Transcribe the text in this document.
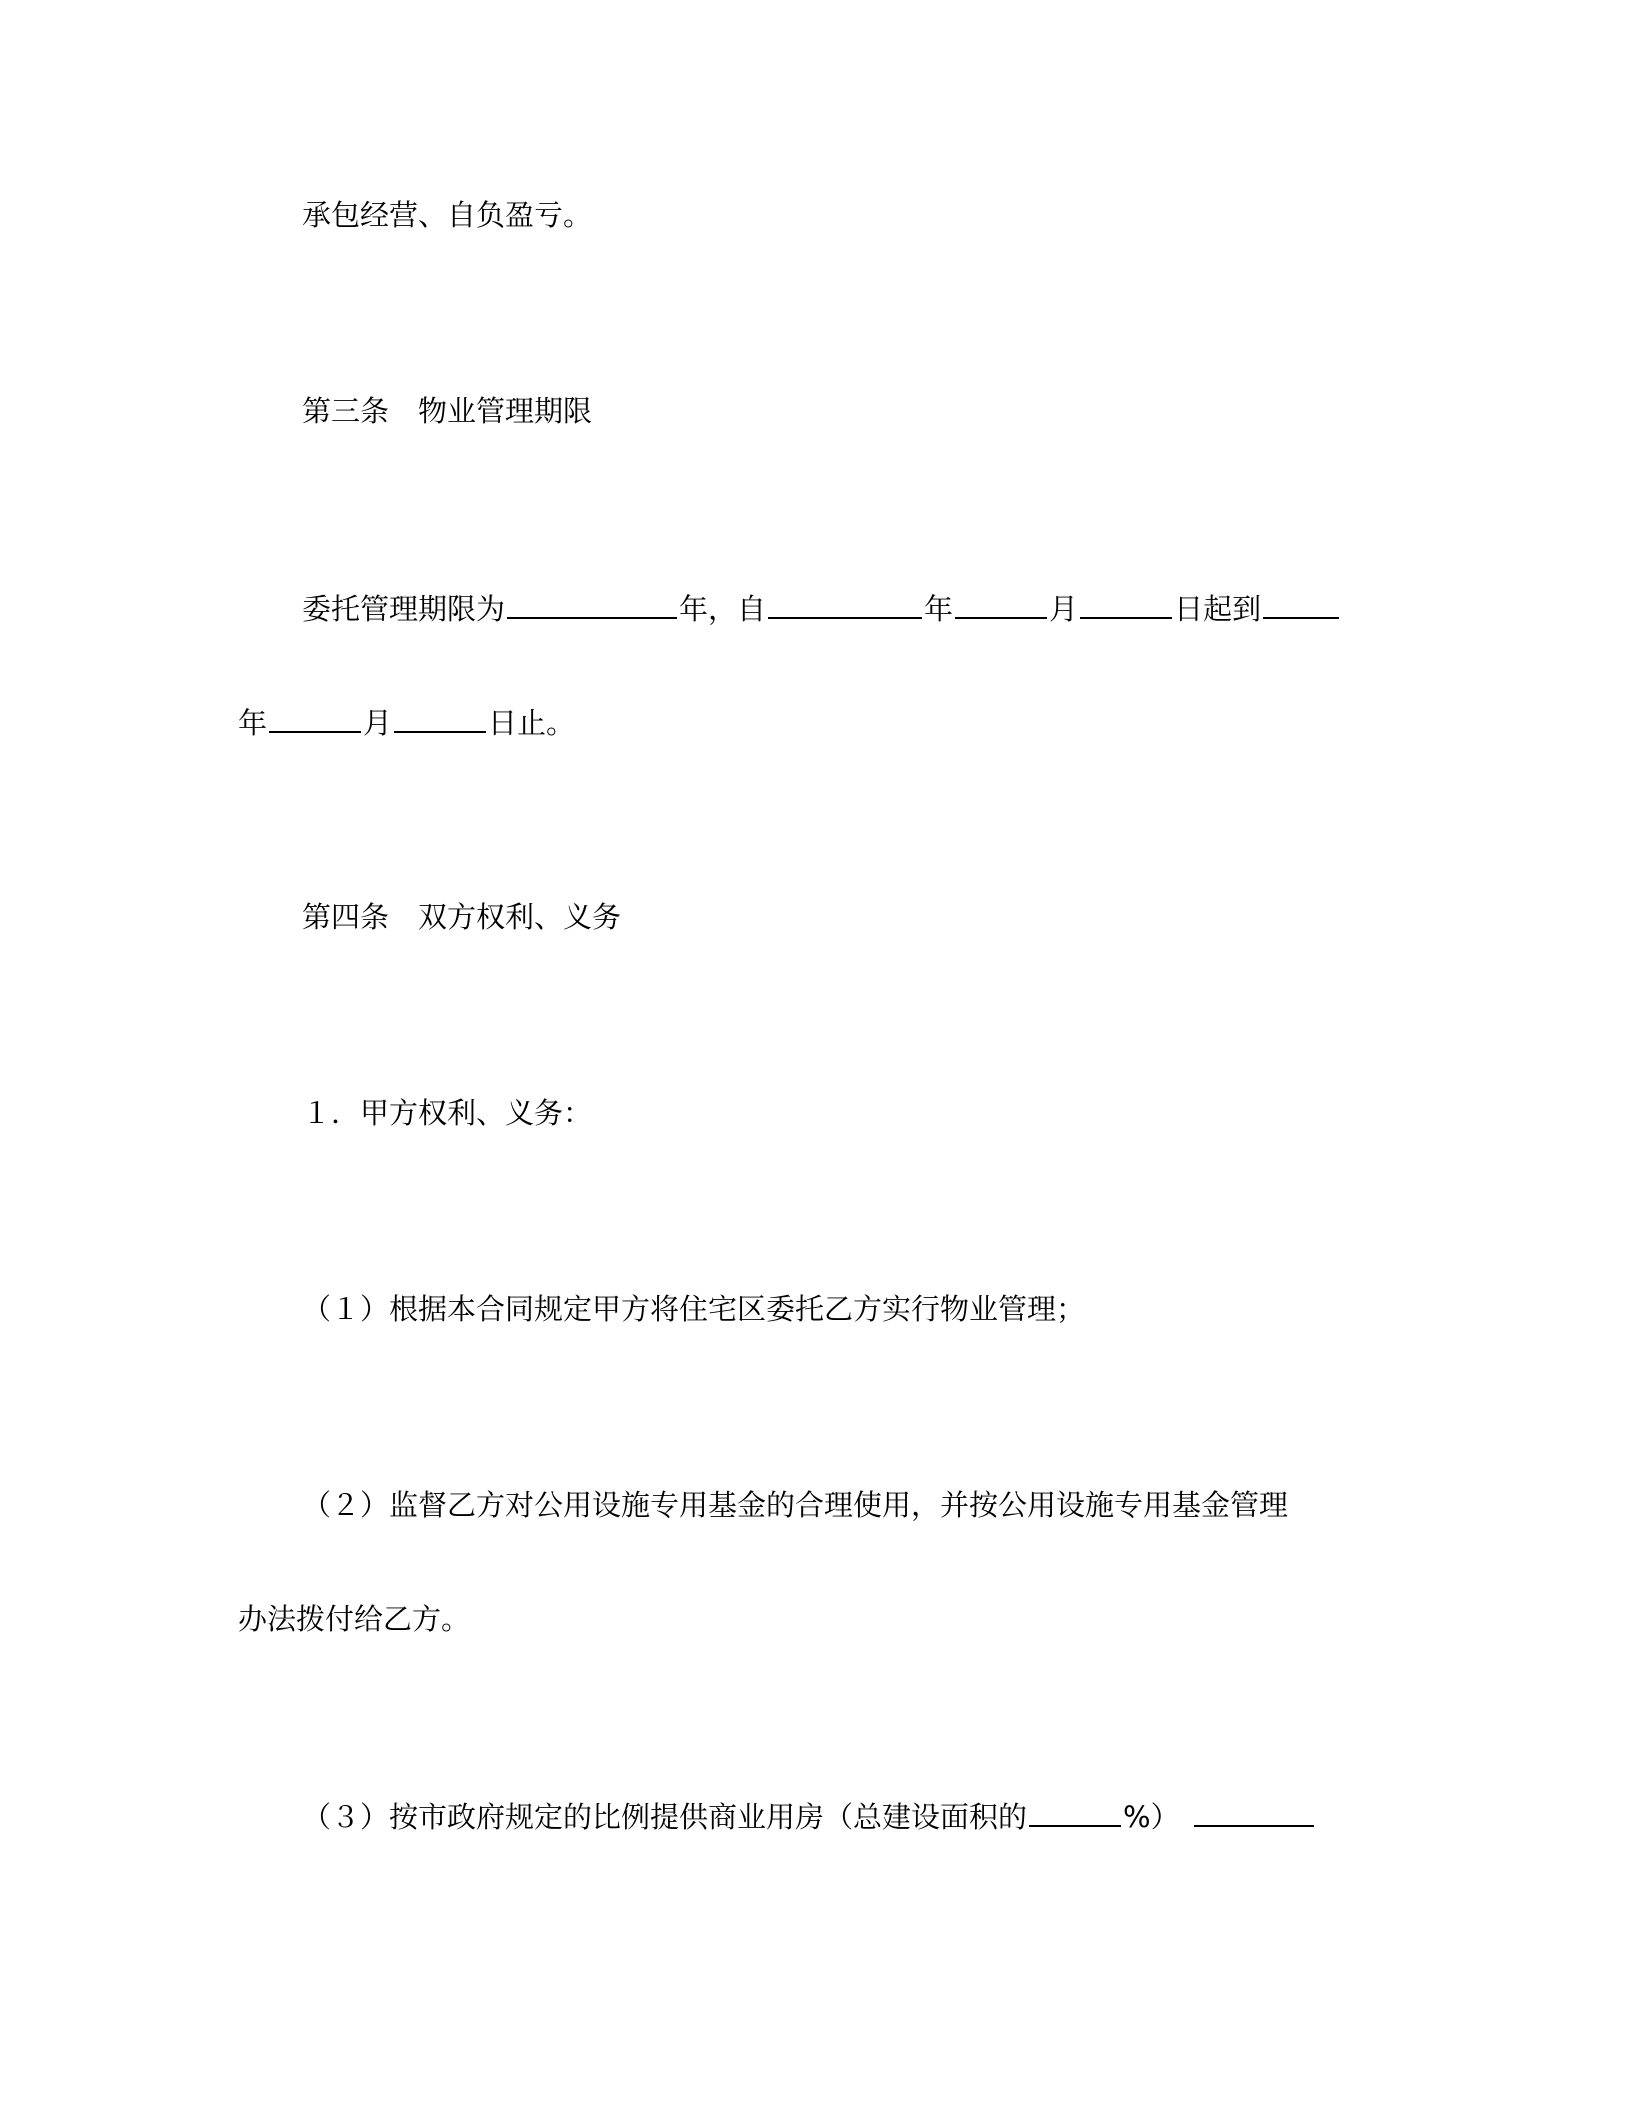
承包经营、自负盈亏。
第三条　物业管理期限
委托管理期限为	年，自	年	月	日起到
年	月	日止。
第四条　双方权利、义务
１．甲方权利、义务：
（１）根据本合同规定甲方将住宅区委托乙方实行物业管理；
（２）监督乙方对公用设施专用基金的合理使用，并按公用设施专用基金管理
办法拨付给乙方。
（３）按市政府规定的比例提供商业用房（总建设面积的	%）
